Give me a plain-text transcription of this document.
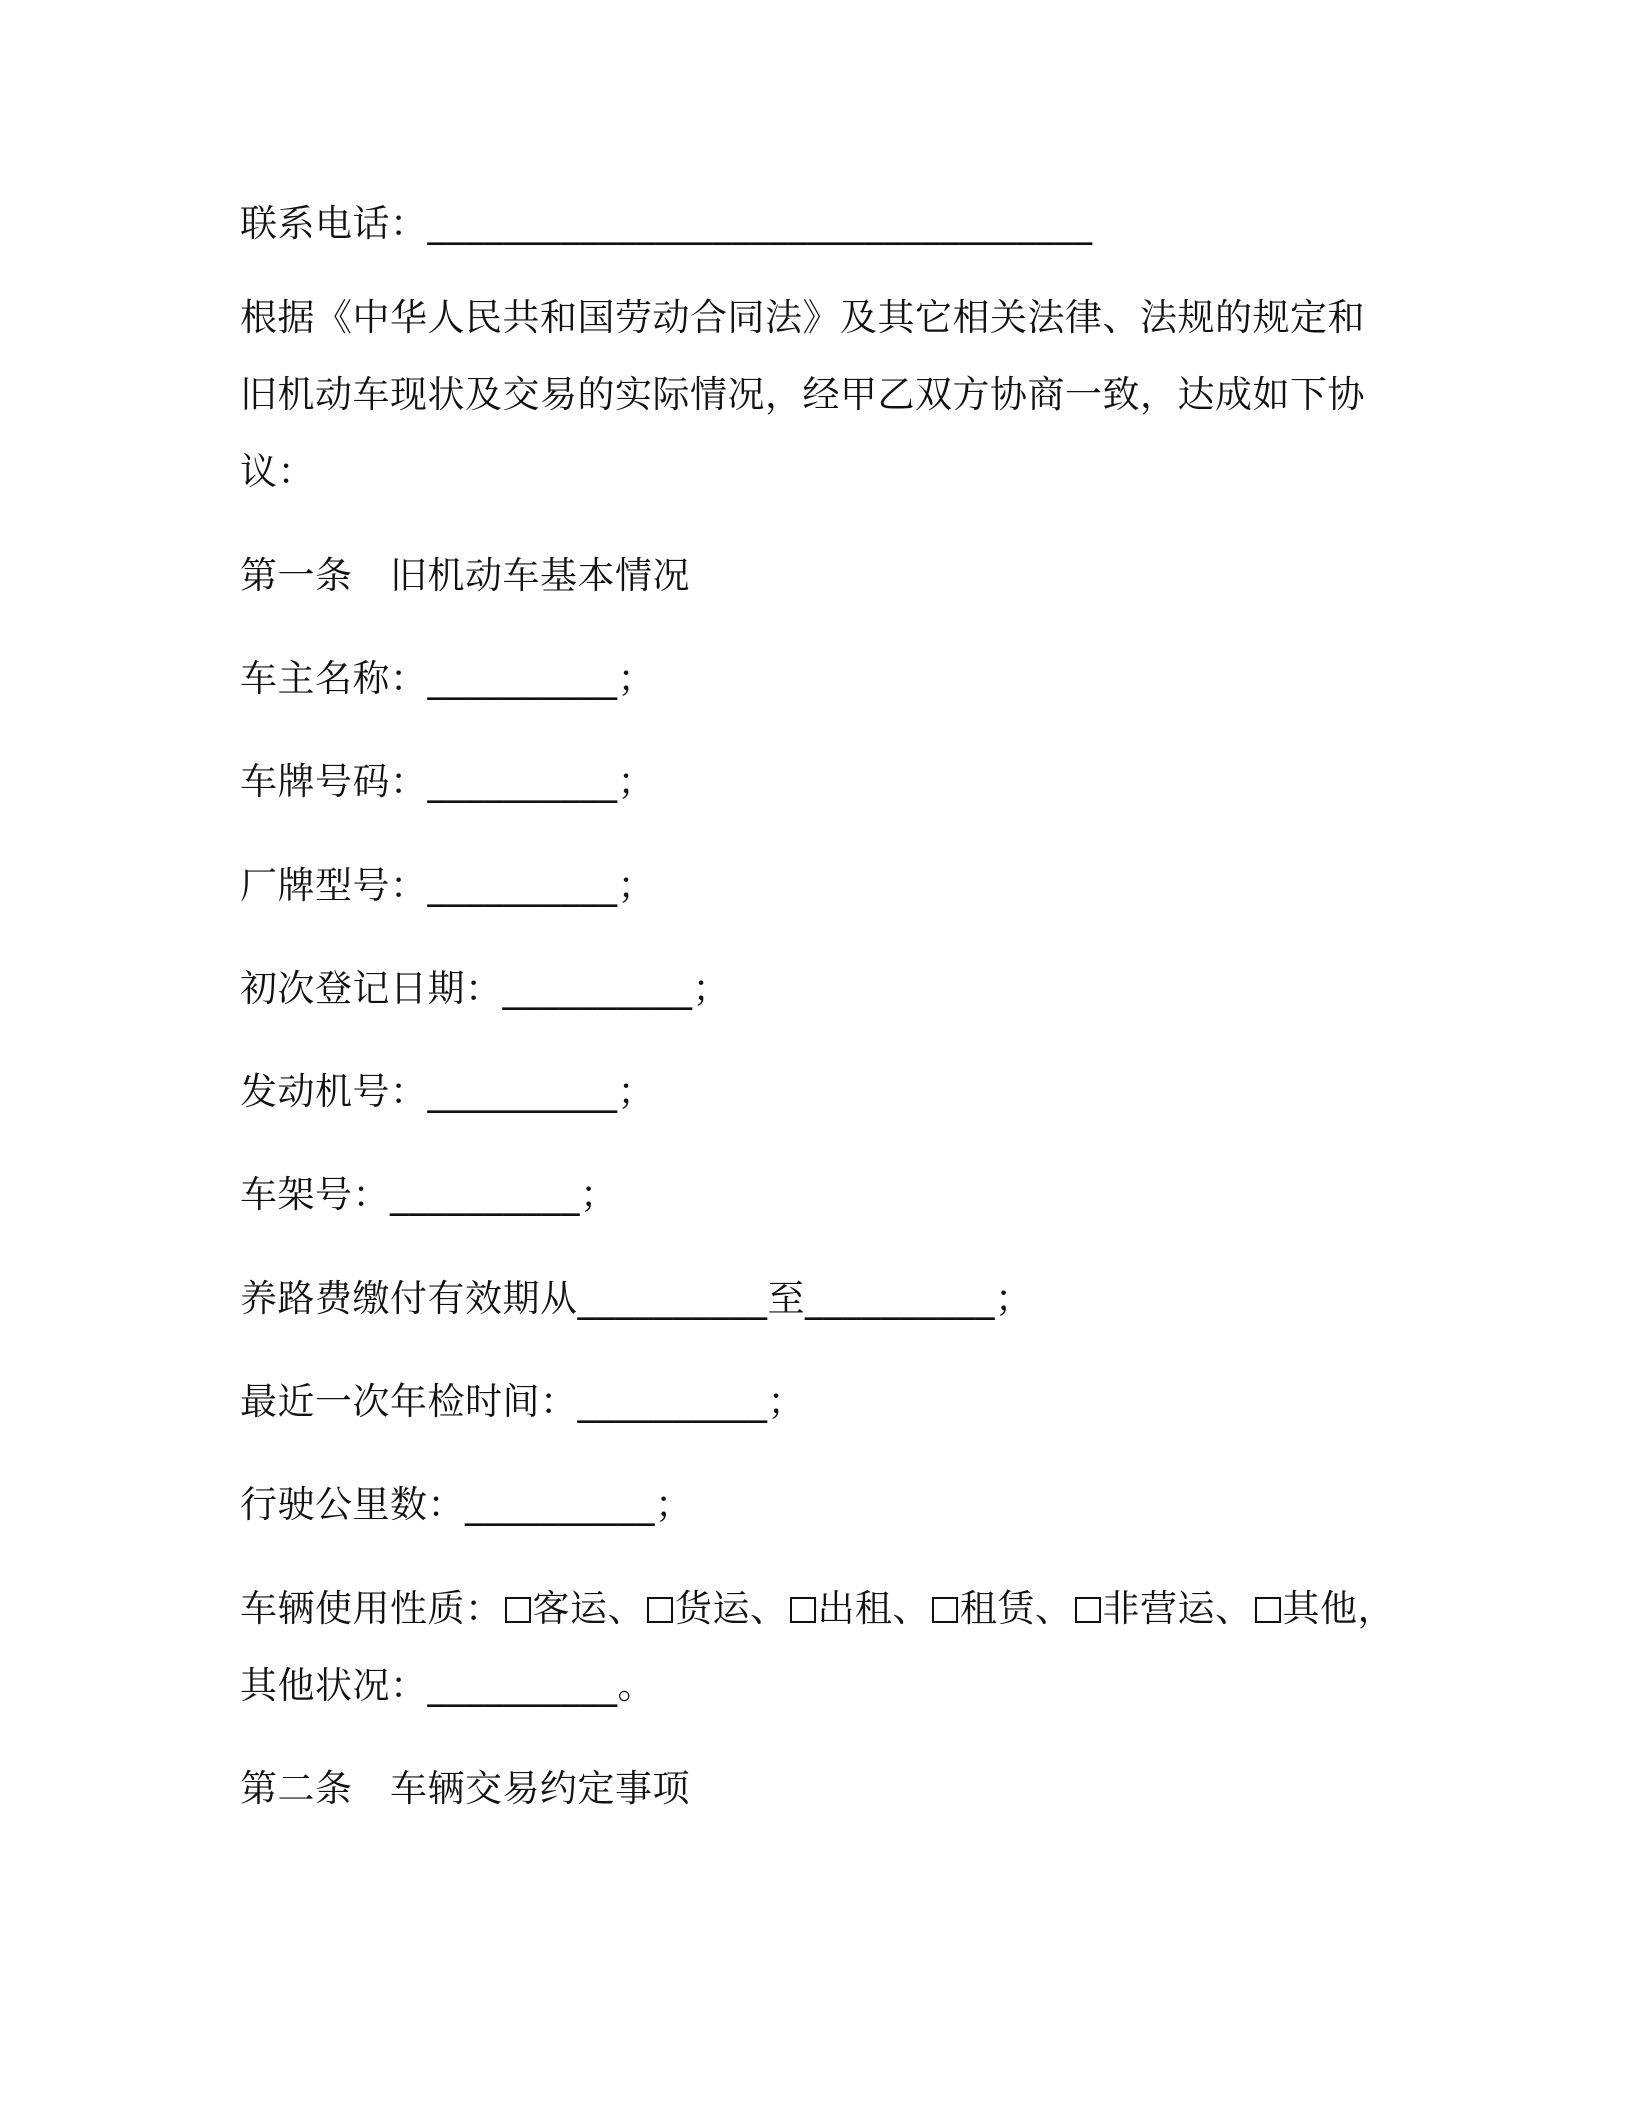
联系电话：___________________________________
根据《中华人民共和国劳动合同法》及其它相关法律、法规的规定和旧机动车现状及交易的实际情况，经甲乙双方协商一致，达成如下协议：
第一条　旧机动车基本情况
车主名称：__________；
车牌号码：__________；
厂牌型号：__________；
初次登记日期：__________；
发动机号：__________；
车架号：__________；
养路费缴付有效期从__________至__________；
最近一次年检时间：__________；
行驶公里数：__________；
车辆使用性质： 客运、 货运、 出租、 租赁、 非营运、 其他，其他状况：__________。
第二条　车辆交易约定事项
